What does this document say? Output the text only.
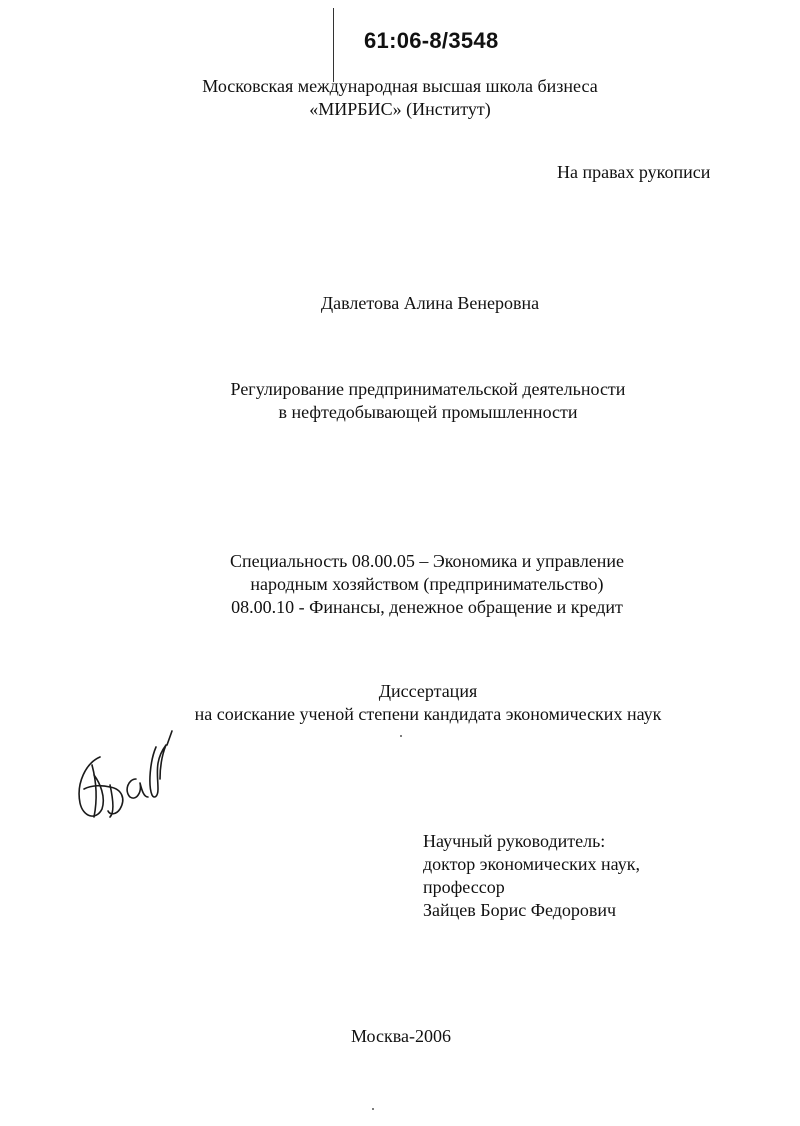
61:06-8/3548
Московская международная высшая школа бизнеса
«МИРБИС» (Институт)
На правах рукописи
Давлетова Алина Венеровна
Регулирование предпринимательской деятельности
в нефтедобывающей промышленности
Специальность 08.00.05 – Экономика и управление
народным хозяйством (предпринимательство)
08.00.10 - Финансы, денежное обращение и кредит
Диссертация
на соискание ученой степени кандидата экономических наук
Научный руководитель:
доктор экономических наук,
профессор
Зайцев Борис Федорович
Москва-2006
